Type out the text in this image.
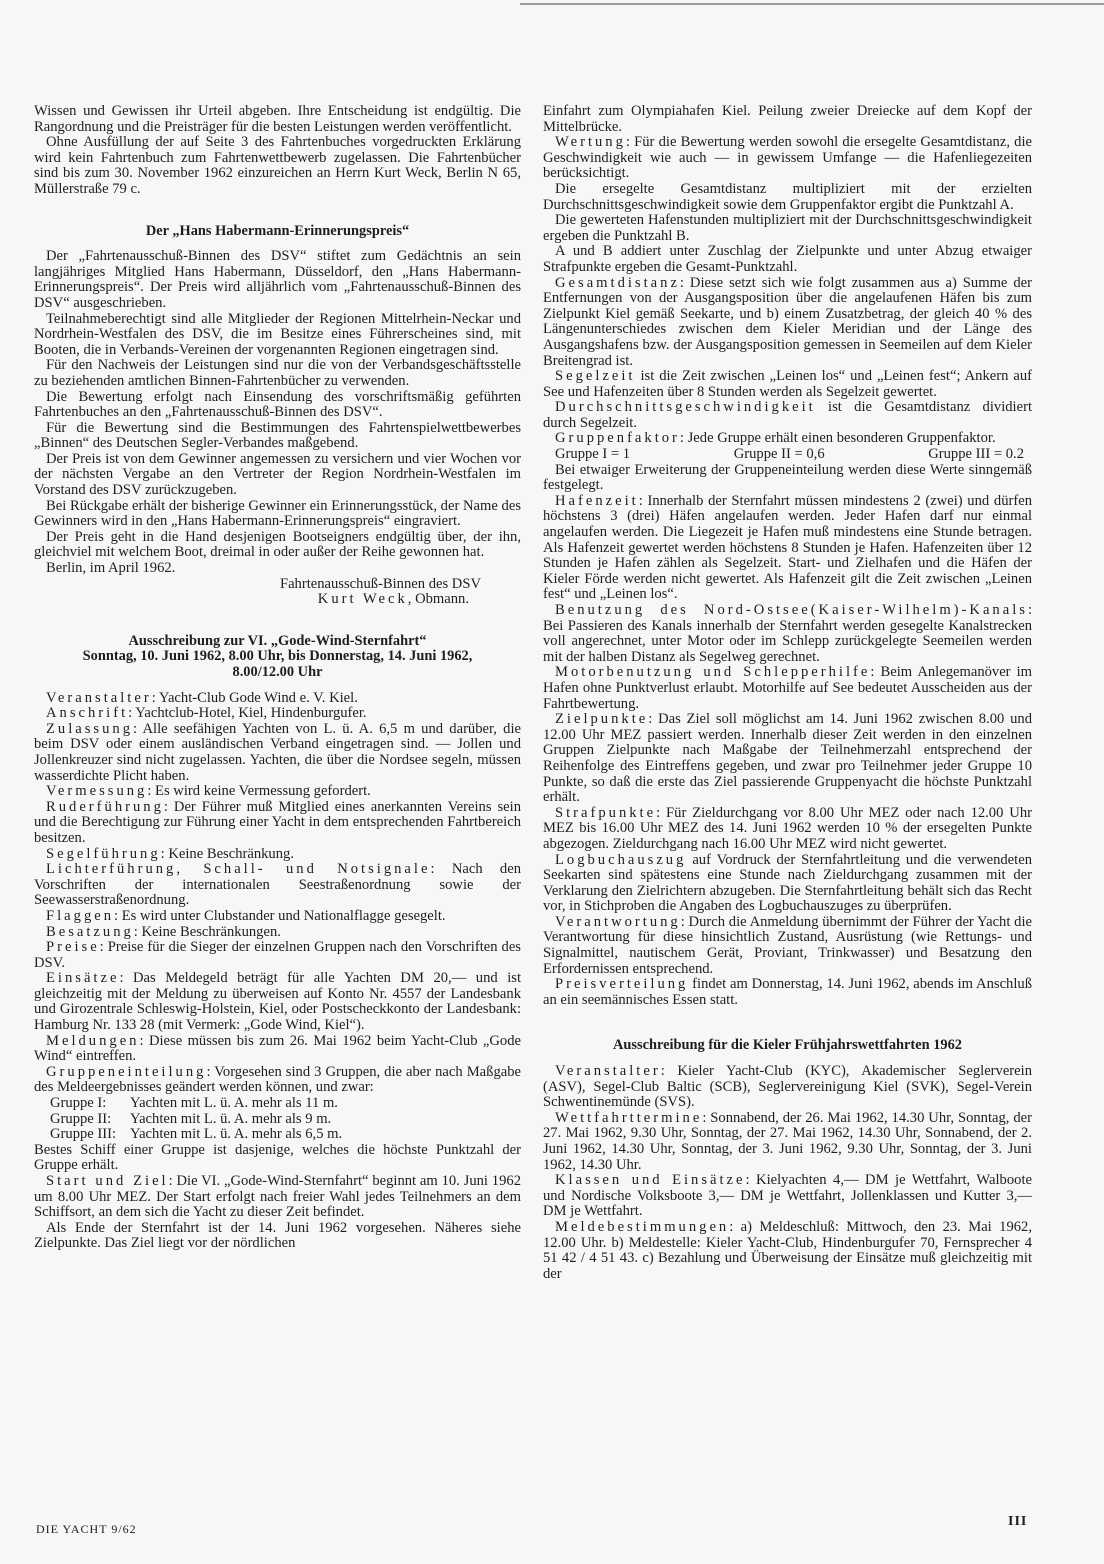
Wissen und Gewissen ihr Urteil abgeben. Ihre Entscheidung ist endgültig. Die Rangordnung und die Preisträger für die besten Leistungen werden veröffentlicht.

Ohne Ausfüllung der auf Seite 3 des Fahrtenbuches vorgedruckten Erklärung wird kein Fahrtenbuch zum Fahrtenwettbewerb zugelassen. Die Fahrtenbücher sind bis zum 30. November 1962 einzureichen an Herrn Kurt Weck, Berlin N 65, Müllerstraße 79 c.

Der „Hans Habermann-Erinnerungspreis“

Der „Fahrtenausschuß-Binnen des DSV“ stiftet zum Gedächtnis an sein langjähriges Mitglied Hans Habermann, Düsseldorf, den „Hans Habermann-Erinnerungspreis“. Der Preis wird alljährlich vom „Fahrtenausschuß-Binnen des DSV“ ausgeschrieben.

Teilnahmeberechtigt sind alle Mitglieder der Regionen Mittelrhein-Neckar und Nordrhein-Westfalen des DSV, die im Besitze eines Führerscheines sind, mit Booten, die in Verbands-Vereinen der vorgenannten Regionen eingetragen sind.

Für den Nachweis der Leistungen sind nur die von der Verbandsgeschäftsstelle zu beziehenden amtlichen Binnen-Fahrtenbücher zu verwenden.

Die Bewertung erfolgt nach Einsendung des vorschriftsmäßig geführten Fahrtenbuches an den „Fahrtenausschuß-Binnen des DSV“.

Für die Bewertung sind die Bestimmungen des Fahrtenspielwettbewerbes „Binnen“ des Deutschen Segler-Verbandes maßgebend.

Der Preis ist von dem Gewinner angemessen zu versichern und vier Wochen vor der nächsten Vergabe an den Vertreter der Region Nordrhein-Westfalen im Vorstand des DSV zurückzugeben.

Bei Rückgabe erhält der bisherige Gewinner ein Erinnerungsstück, der Name des Gewinners wird in den „Hans Habermann-Erinnerungspreis“ eingraviert.

Der Preis geht in die Hand desjenigen Bootseigners endgültig über, der ihn, gleichviel mit welchem Boot, dreimal in oder außer der Reihe gewonnen hat.

Berlin, im April 1962.

Fahrtenausschuß-Binnen des DSV

Kurt Weck, Obmann.

Ausschreibung zur VI. „Gode-Wind-Sternfahrt“

Sonntag, 10. Juni 1962, 8.00 Uhr, bis Donnerstag, 14. Juni 1962,

8.00/12.00 Uhr

Veranstalter: Yacht-Club Gode Wind e. V. Kiel.

Anschrift: Yachtclub-Hotel, Kiel, Hindenburgufer.

Zulassung: Alle seefähigen Yachten von L. ü. A. 6,5 m und darüber, die beim DSV oder einem ausländischen Verband eingetragen sind. — Jollen und Jollenkreuzer sind nicht zugelassen. Yachten, die über die Nordsee segeln, müssen wasserdichte Plicht haben.

Vermessung: Es wird keine Vermessung gefordert.

Ruderführung: Der Führer muß Mitglied eines anerkannten Vereins sein und die Berechtigung zur Führung einer Yacht in dem entsprechenden Fahrtbereich besitzen.

Segelführung: Keine Beschränkung.

Lichterführung, Schall- und Notsignale: Nach den Vorschriften der internationalen Seestraßenordnung sowie der Seewasserstraßenordnung.

Flaggen: Es wird unter Clubstander und Nationalflagge gesegelt.

Besatzung: Keine Beschränkungen.

Preise: Preise für die Sieger der einzelnen Gruppen nach den Vorschriften des DSV.

Einsätze: Das Meldegeld beträgt für alle Yachten DM 20,— und ist gleichzeitig mit der Meldung zu überweisen auf Konto Nr. 4557 der Landesbank und Girozentrale Schleswig-Holstein, Kiel, oder Postscheckkonto der Landesbank: Hamburg Nr. 133 28 (mit Vermerk: „Gode Wind, Kiel“).

Meldungen: Diese müssen bis zum 26. Mai 1962 beim Yacht-Club „Gode Wind“ eintreffen.

Gruppeneinteilung: Vorgesehen sind 3 Gruppen, die aber nach Maßgabe des Meldeergebnisses geändert werden können, und zwar:

Gruppe I:	Yachten mit L. ü. A. mehr als 11 m.
Gruppe II:	Yachten mit L. ü. A. mehr als 9 m.
Gruppe III: Yachten mit L. ü. A. mehr als 6,5 m.

Bestes Schiff einer Gruppe ist dasjenige, welches die höchste Punktzahl der Gruppe erhält.

Start und Ziel: Die VI. „Gode-Wind-Sternfahrt“ beginnt am 10. Juni 1962 um 8.00 Uhr MEZ. Der Start erfolgt nach freier Wahl jedes Teilnehmers an dem Schiffsort, an dem sich die Yacht zu dieser Zeit befindet.

Als Ende der Sternfahrt ist der 14. Juni 1962 vorgesehen. Näheres siehe Zielpunkte. Das Ziel liegt vor der nördlichen

Einfahrt zum Olympiahafen Kiel. Peilung zweier Dreiecke auf dem Kopf der Mittelbrücke.

Wertung: Für die Bewertung werden sowohl die ersegelte Gesamtdistanz, die Geschwindigkeit wie auch — in gewissem Umfange — die Hafenliegezeiten berücksichtigt.

Die ersegelte Gesamtdistanz multipliziert mit der erzielten Durchschnittsgeschwindigkeit sowie dem Gruppenfaktor ergibt die Punktzahl A.

Die gewerteten Hafenstunden multipliziert mit der Durchschnittsgeschwindigkeit ergeben die Punktzahl B.

A und B addiert unter Zuschlag der Zielpunkte und unter Abzug etwaiger Strafpunkte ergeben die Gesamt-Punktzahl.

Gesamtdistanz: Diese setzt sich wie folgt zusammen aus a) Summe der Entfernungen von der Ausgangsposition über die angelaufenen Häfen bis zum Zielpunkt Kiel gemäß Seekarte, und b) einem Zusatzbetrag, der gleich 40 % des Längenunterschiedes zwischen dem Kieler Meridian und der Länge des Ausgangshafens bzw. der Ausgangsposition gemessen in Seemeilen auf dem Kieler Breitengrad ist.

Segelzeit ist die Zeit zwischen „Leinen los“ und „Leinen fest“; Ankern auf See und Hafenzeiten über 8 Stunden werden als Segelzeit gewertet.

Durchschnittsgeschwindigkeit ist die Gesamtdistanz dividiert durch Segelzeit.

Gruppenfaktor: Jede Gruppe erhält einen besonderen Gruppenfaktor.

Gruppe I = 1	Gruppe II = 0,6	Gruppe III = 0.2

Bei etwaiger Erweiterung der Gruppeneinteilung werden diese Werte sinngemäß festgelegt.

Hafenzeit: Innerhalb der Sternfahrt müssen mindestens 2 (zwei) und dürfen höchstens 3 (drei) Häfen angelaufen werden. Jeder Hafen darf nur einmal angelaufen werden. Die Liegezeit je Hafen muß mindestens eine Stunde betragen. Als Hafenzeit gewertet werden höchstens 8 Stunden je Hafen. Hafenzeiten über 12 Stunden je Hafen zählen als Segelzeit. Start- und Zielhafen und die Häfen der Kieler Förde werden nicht gewertet. Als Hafenzeit gilt die Zeit zwischen „Leinen fest“ und „Leinen los“.

Benutzung des Nord-Ostsee(Kaiser-Wilhelm)-Kanals: Bei Passieren des Kanals innerhalb der Sternfahrt werden gesegelte Kanalstrecken voll angerechnet, unter Motor oder im Schlepp zurückgelegte Seemeilen werden mit der halben Distanz als Segelweg gerechnet.

Motorbenutzung und Schlepperhilfe: Beim Anlegemanöver im Hafen ohne Punktverlust erlaubt. Motorhilfe auf See bedeutet Ausscheiden aus der Fahrtbewertung.

Zielpunkte: Das Ziel soll möglichst am 14. Juni 1962 zwischen 8.00 und 12.00 Uhr MEZ passiert werden. Innerhalb dieser Zeit werden in den einzelnen Gruppen Zielpunkte nach Maßgabe der Teilnehmerzahl entsprechend der Reihenfolge des Eintreffens gegeben, und zwar pro Teilnehmer jeder Gruppe 10 Punkte, so daß die erste das Ziel passierende Gruppenyacht die höchste Punktzahl erhält.

Strafpunkte: Für Zieldurchgang vor 8.00 Uhr MEZ oder nach 12.00 Uhr MEZ bis 16.00 Uhr MEZ des 14. Juni 1962 werden 10 % der ersegelten Punkte abgezogen. Zieldurchgang nach 16.00 Uhr MEZ wird nicht gewertet.

Logbuchauszug auf Vordruck der Sternfahrtleitung und die verwendeten Seekarten sind spätestens eine Stunde nach Zieldurchgang zusammen mit der Verklarung den Zielrichtern abzugeben. Die Sternfahrtleitung behält sich das Recht vor, in Stichproben die Angaben des Logbuchauszuges zu überprüfen.

Verantwortung: Durch die Anmeldung übernimmt der Führer der Yacht die Verantwortung für diese hinsichtlich Zustand, Ausrüstung (wie Rettungs- und Signalmittel, nautischem Gerät, Proviant, Trinkwasser) und Besatzung den Erfordernissen entsprechend.

Preisverteilung findet am Donnerstag, 14. Juni 1962, abends im Anschluß an ein seemännisches Essen statt.

Ausschreibung für die Kieler Frühjahrswettfahrten 1962

Veranstalter: Kieler Yacht-Club (KYC), Akademischer Seglerverein (ASV), Segel-Club Baltic (SCB), Seglervereinigung Kiel (SVK), Segel-Verein Schwentinemünde (SVS).

Wettfahrttermine: Sonnabend, der 26. Mai 1962, 14.30 Uhr, Sonntag, der 27. Mai 1962, 9.30 Uhr, Sonntag, der 27. Mai 1962, 14.30 Uhr, Sonnabend, der 2. Juni 1962, 14.30 Uhr, Sonntag, der 3. Juni 1962, 9.30 Uhr, Sonntag, der 3. Juni 1962, 14.30 Uhr.

Klassen und Einsätze: Kielyachten 4,— DM je Wettfahrt, Walboote und Nordische Volksboote 3,— DM je Wettfahrt, Jollenklassen und Kutter 3,— DM je Wettfahrt.

Meldebestimmungen: a) Meldeschluß: Mittwoch, den 23. Mai 1962, 12.00 Uhr. b) Meldestelle: Kieler Yacht-Club, Hindenburgufer 70, Fernsprecher 4 51 42 / 4 51 43. c) Bezahlung und Überweisung der Einsätze muß gleichzeitig mit der

DIE YACHT 9/62	III
